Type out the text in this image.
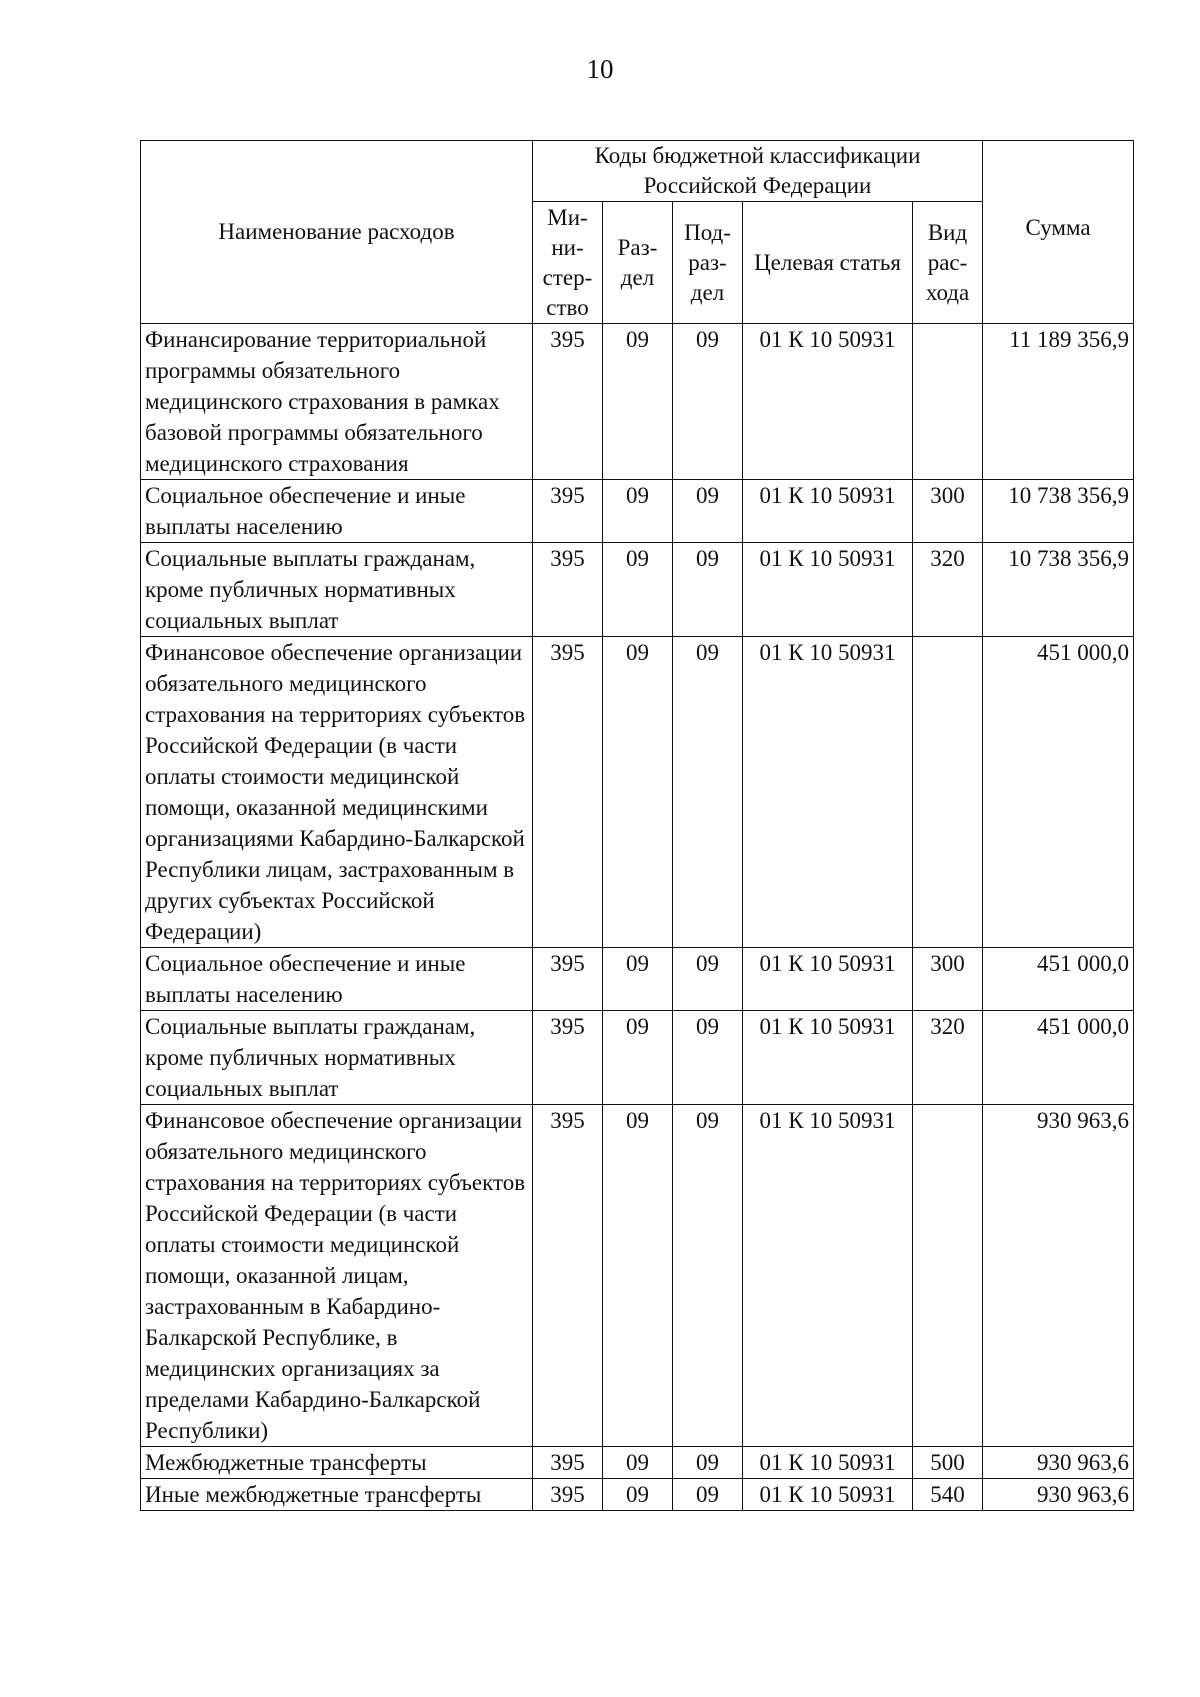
10
Наименование расходов	Коды бюджетной классификации Российской Федерации					Сумма
	Ми-ни-стер-ство	Раз-дел	Под-раз-дел	Целевая статья	Вид рас-хода	
Финансирование территориальной программы обязательного медицинского страхования в рамках базовой программы обязательного медицинского страхования	395	09	09	01 К 10 50931		11 189 356,9
Социальное обеспечение и иные выплаты населению	395	09	09	01 К 10 50931	300	10 738 356,9
Социальные выплаты гражданам, кроме публичных нормативных социальных выплат	395	09	09	01 К 10 50931	320	10 738 356,9
Финансовое обеспечение организации обязательного медицинского страхования на территориях субъектов Российской Федерации (в части оплаты стоимости медицинской помощи, оказанной медицинскими организациями Кабардино-Балкарской Республики лицам, застрахованным в других субъектах Российской Федерации)	395	09	09	01 К 10 50931		451 000,0
Социальное обеспечение и иные выплаты населению	395	09	09	01 К 10 50931	300	451 000,0
Социальные выплаты гражданам, кроме публичных нормативных социальных выплат	395	09	09	01 К 10 50931	320	451 000,0
Финансовое обеспечение организации обязательного медицинского страхования на территориях субъектов Российской Федерации (в части оплаты стоимости медицинской помощи, оказанной лицам, застрахованным в Кабардино-Балкарской Республике, в медицинских организациях за пределами Кабардино-Балкарской Республики)	395	09	09	01 К 10 50931		930 963,6
Межбюджетные трансферты	395	09	09	01 К 10 50931	500	930 963,6
Иные межбюджетные трансферты	395	09	09	01 К 10 50931	540	930 963,6
